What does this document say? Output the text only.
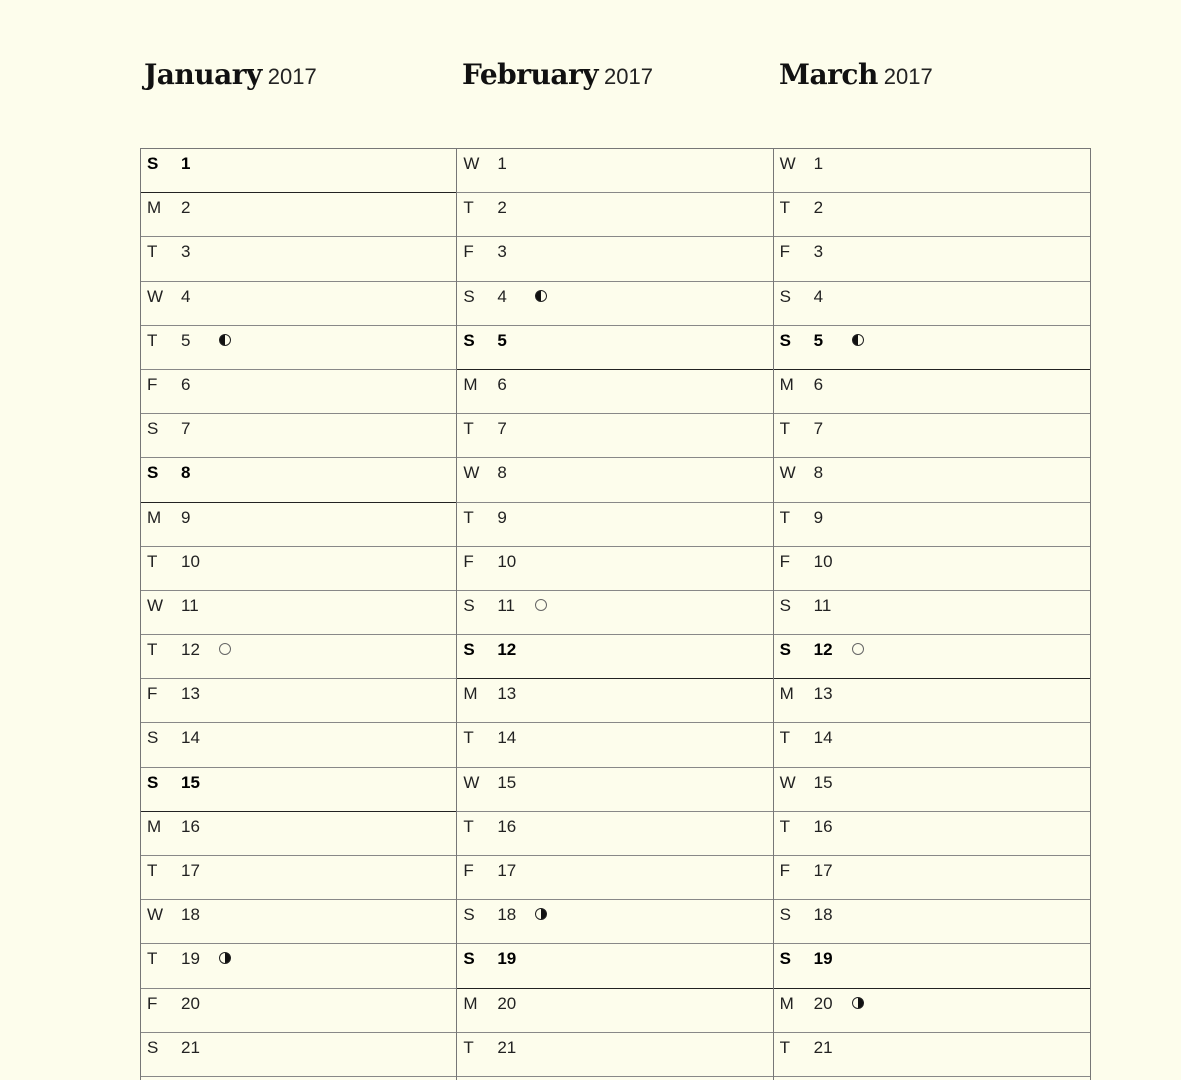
January 2017	February 2017	March 2017
S 1
M 2
T 3
W 4
T 5
F 6
S 7
S 8
M 9
T 10
W 11
T 12
F 13
S 14
S 15
M 16
T 17
W 18
T 19
F 20
S 21
W 1
T 2
F 3
S 4
S 5
M 6
T 7
W 8
T 9
F 10
S 11
S 12
M 13
T 14
W 15
T 16
F 17
S 18
S 19
M 20
T 21
W 1
T 2
F 3
S 4
S 5
M 6
T 7
W 8
T 9
F 10
S 11
S 12
M 13
T 14
W 15
T 16
F 17
S 18
S 19
M 20
T 21
